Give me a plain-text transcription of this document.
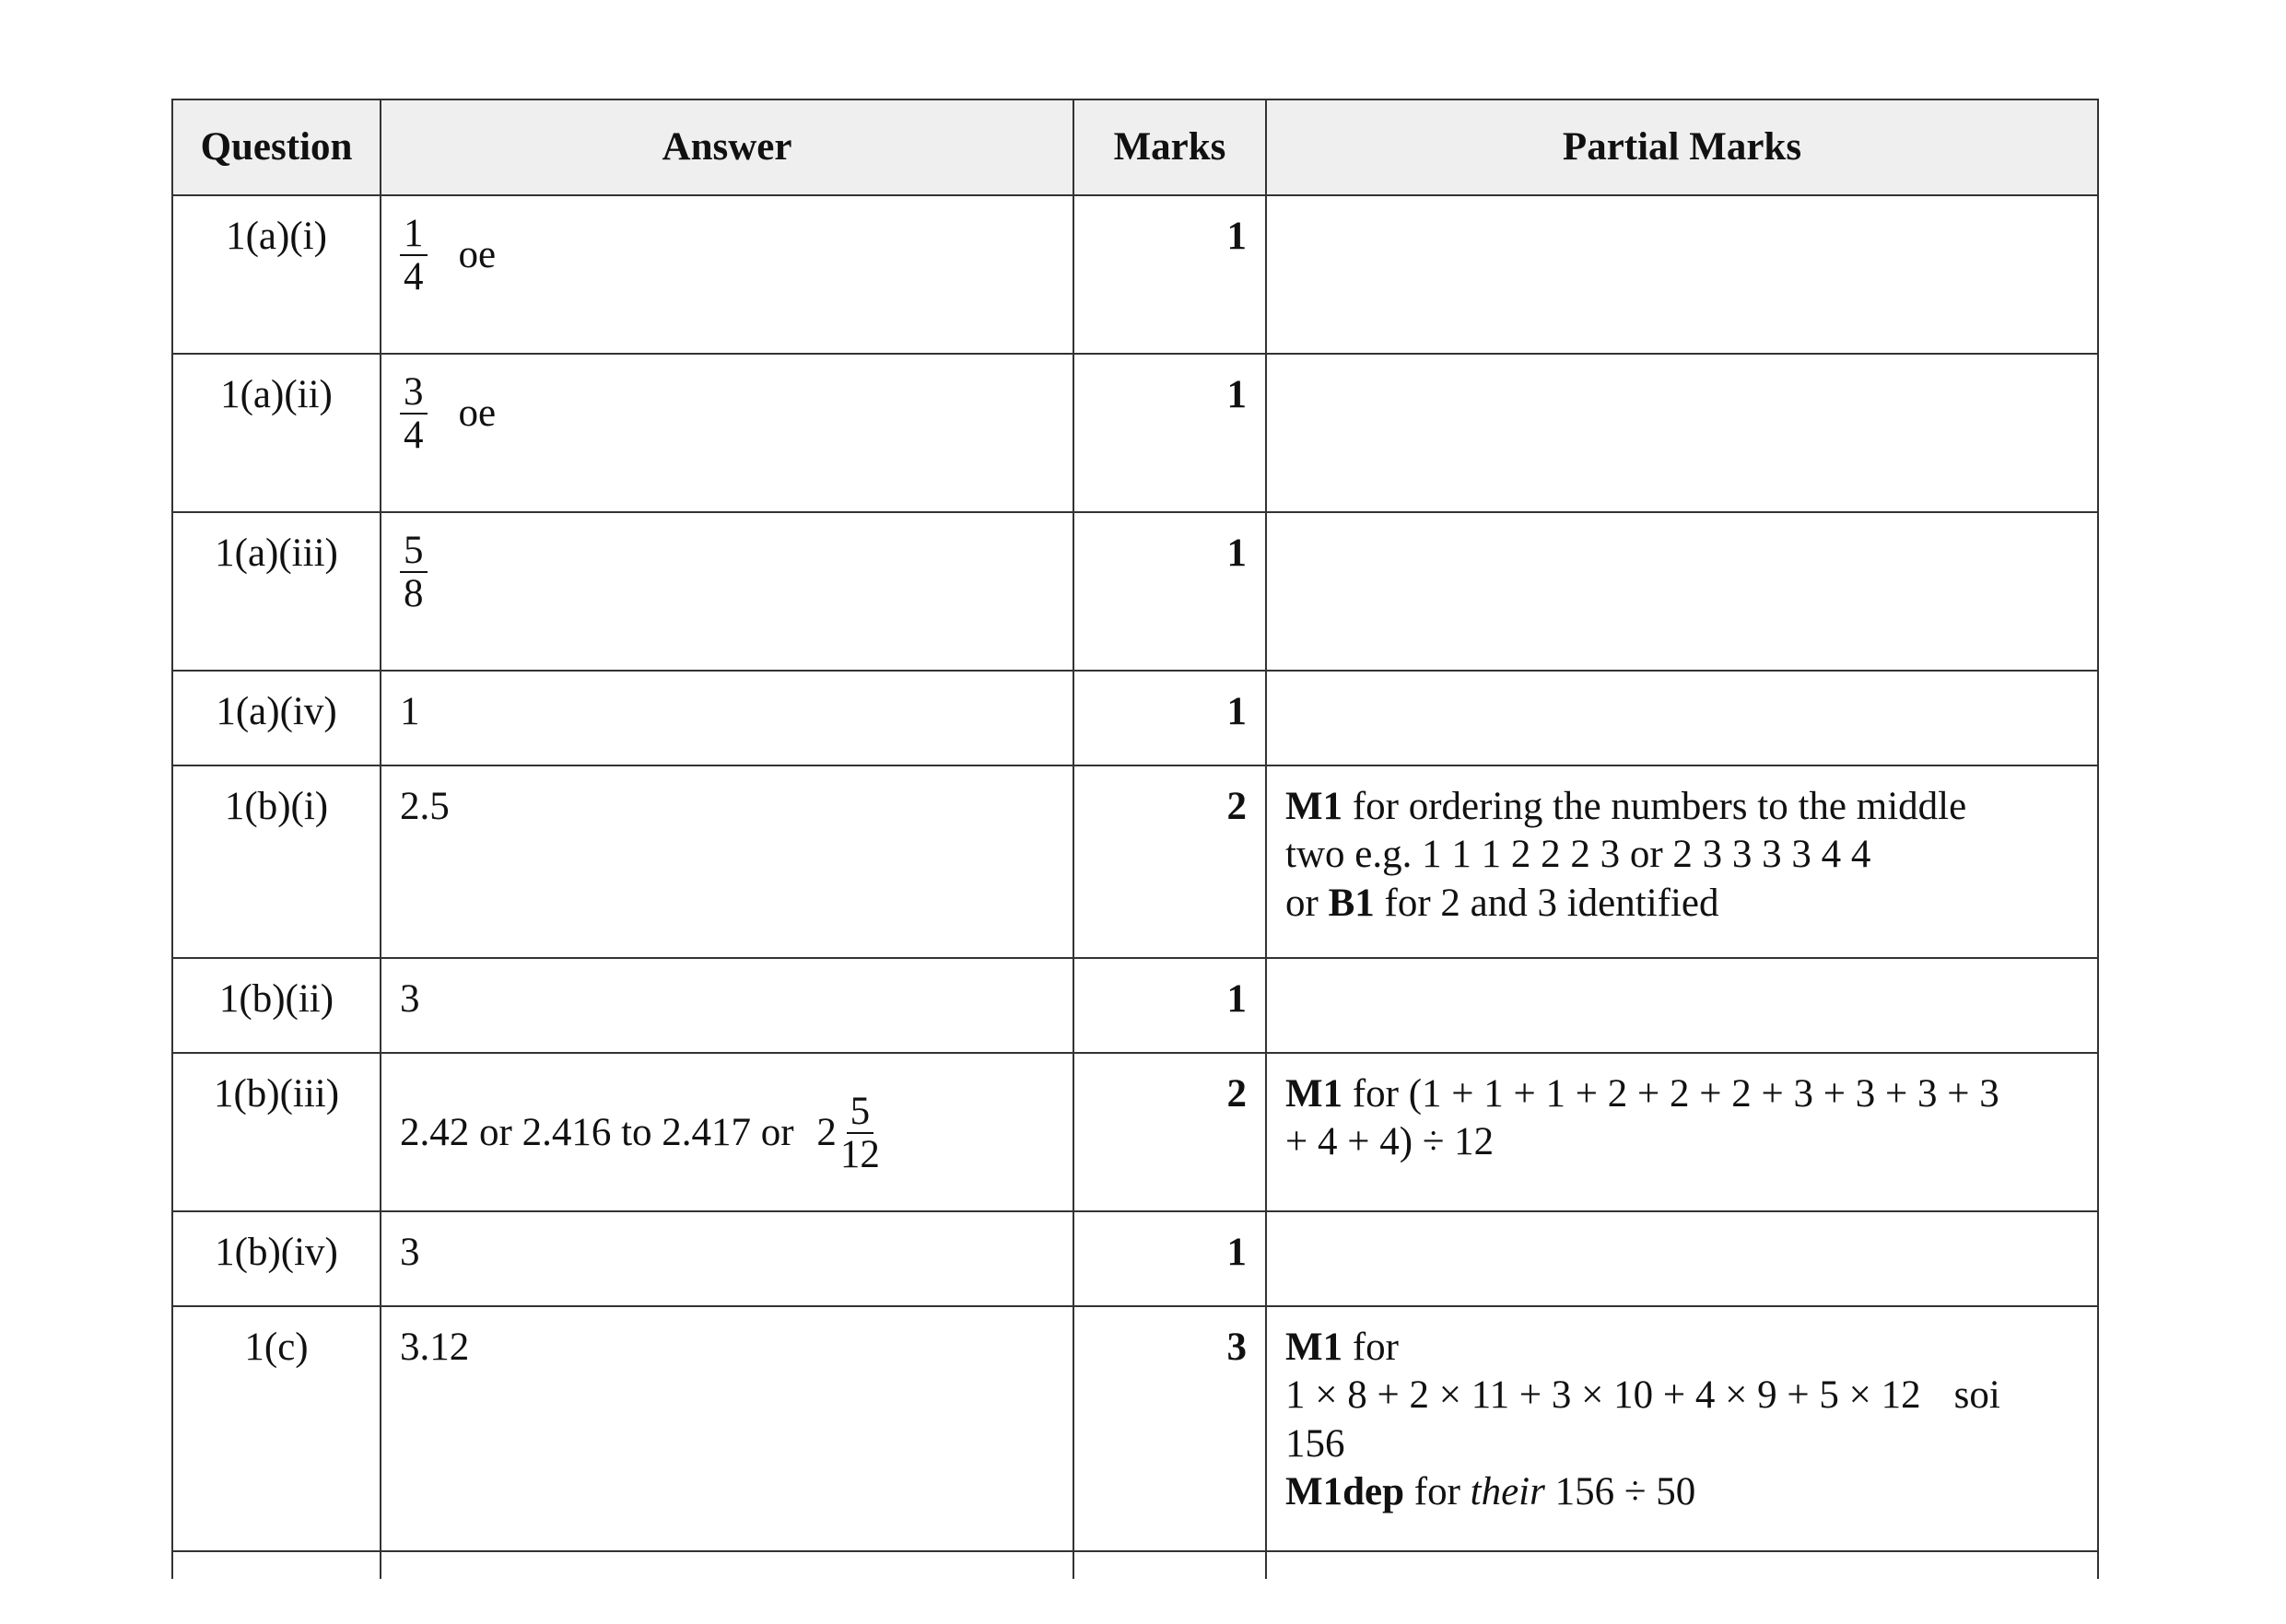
Question	Answer	Marks	Partial Marks
1(a)(i)	$\frac{1}{4}$ oe	1	
1(a)(ii)	$\frac{3}{4}$ oe	1	
1(a)(iii)	$\frac{5}{8}$	1	
1(a)(iv)	1	1	
1(b)(i)	2.5	2	M1 for ordering the numbers to the middle
two e.g. 1 1 1 2 2 2 3 or 2 3 3 3 3 4 4
or B1 for 2 and 3 identified

1(b)(ii)	3	1	
1(b)(iii)	2.42 or 2.416 to 2.417 or $2 \frac{5}{12}$	2	M1 for (1 + 1 + 1 + 2 + 2 + 2 + 3 + 3 + 3 + 3
+ 4 + 4) ÷ 12

1(b)(iv)	3	1	
1(c)	3.12	3	M1 for
1 × 8 + 2 × 11 + 3 × 10 + 4 × 9 + 5 × 12 soi
156
M1dep for their 156 ÷ 50
